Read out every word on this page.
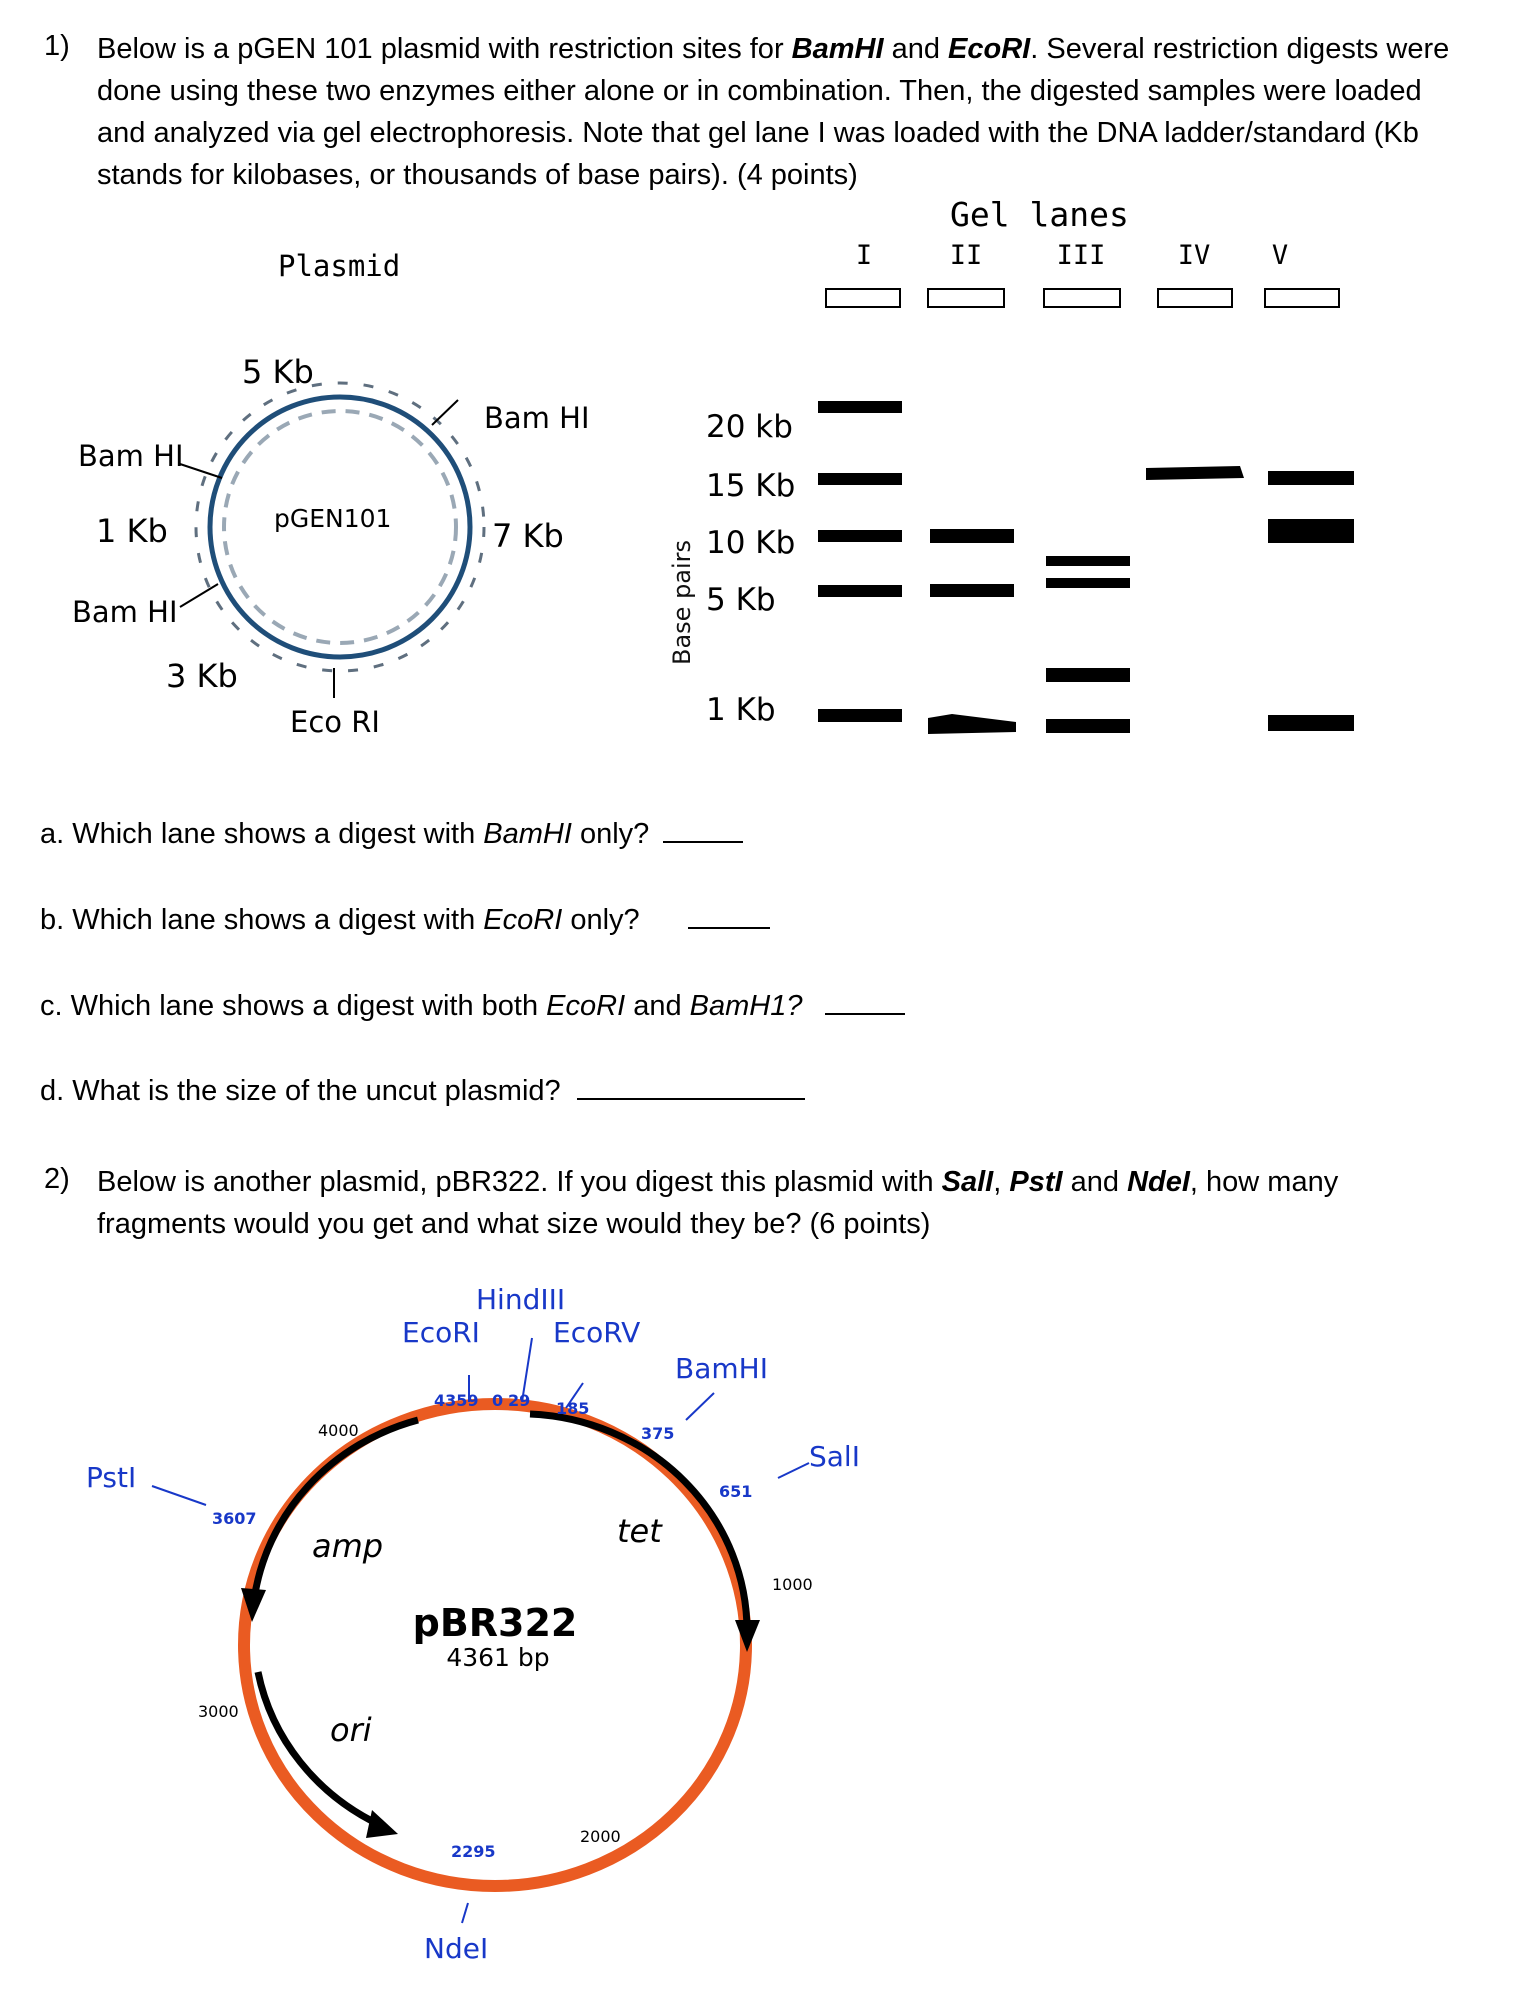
1) Below is a pGEN 101 plasmid with restriction sites for BamHI and EcoRI. Several restriction digests were
done using these two enzymes either alone or in combination. Then, the digested samples were loaded
and analyzed via gel electrophoresis. Note that gel lane I was loaded with the DNA ladder/standard (Kb
stands for kilobases, or thousands of base pairs). (4 points)
Plasmid
pGEN101
Bam HI
Bam HI
Bam HI
Eco RI
5 Kb
1 Kb	7 Kb
3 Kb
Gel lanes
I	II	III	IV V
Base pairs
20 kb
15 Kb
10 Kb
5 Kb
1 Kb
a. Which lane shows a digest with BamHI only?
b. Which lane shows a digest with EcoRI only?
c. Which lane shows a digest with both EcoRI and BamH1?
d. What is the size of the uncut plasmid?
2) Below is another plasmid, pBR322. If you digest this plasmid with SalI, PstI and NdeI, how many
fragments would you get and what size would they be? (6 points)
HindIII
EcoRI	EcoRV
BamHI
SalI
PstI
NdeI
4359 0 29 185
375
651
3607
2295
4000
1000
3000
2000
tet
amp
ori
pBR322
4361 bp
